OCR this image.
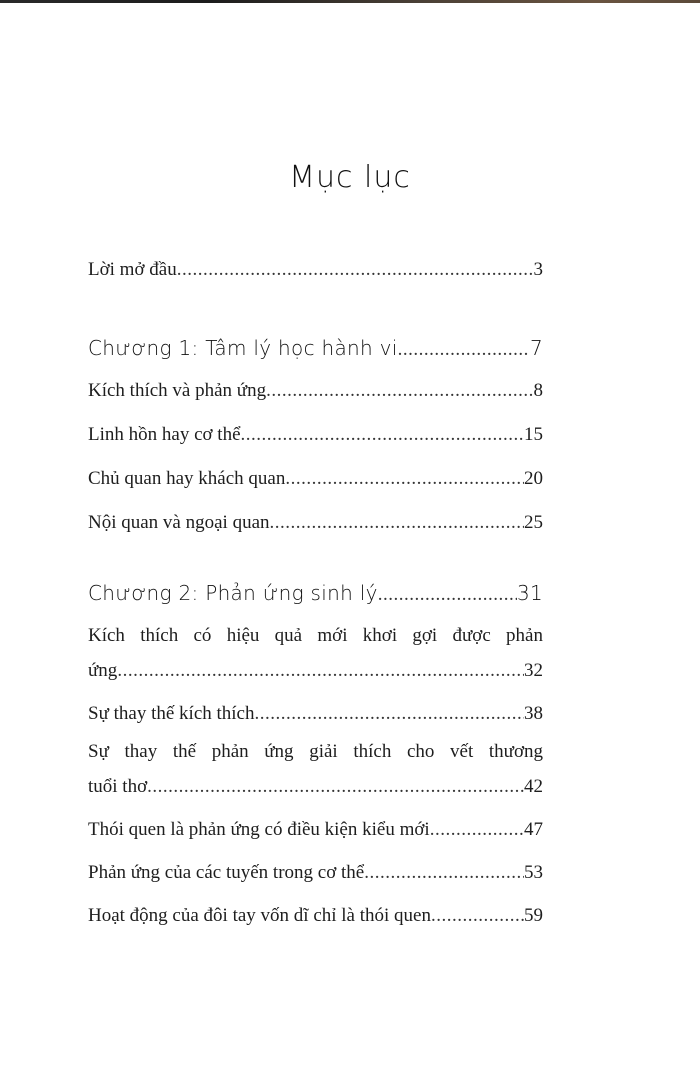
Mục lục
Lời mở đầu .....	3
Chương 1: Tâm lý học hành vi .....	7
Kích thích và phản ứng .....	8
Linh hồn hay cơ thể .....	15
Chủ quan hay khách quan .....	20
Nội quan và ngoại quan .....	25
Chương 2: Phản ứng sinh lý .....	31
Kích thích có hiệu quả mới khơi gợi được phản
ứng .....	32
Sự thay thế kích thích .....	38
Sự thay thế phản ứng giải thích cho vết thương
tuổi thơ .....	42
Thói quen là phản ứng có điều kiện kiểu mới .....	47
Phản ứng của các tuyến trong cơ thể .....	53
Hoạt động của đôi tay vốn dĩ chỉ là thói quen .....	59
